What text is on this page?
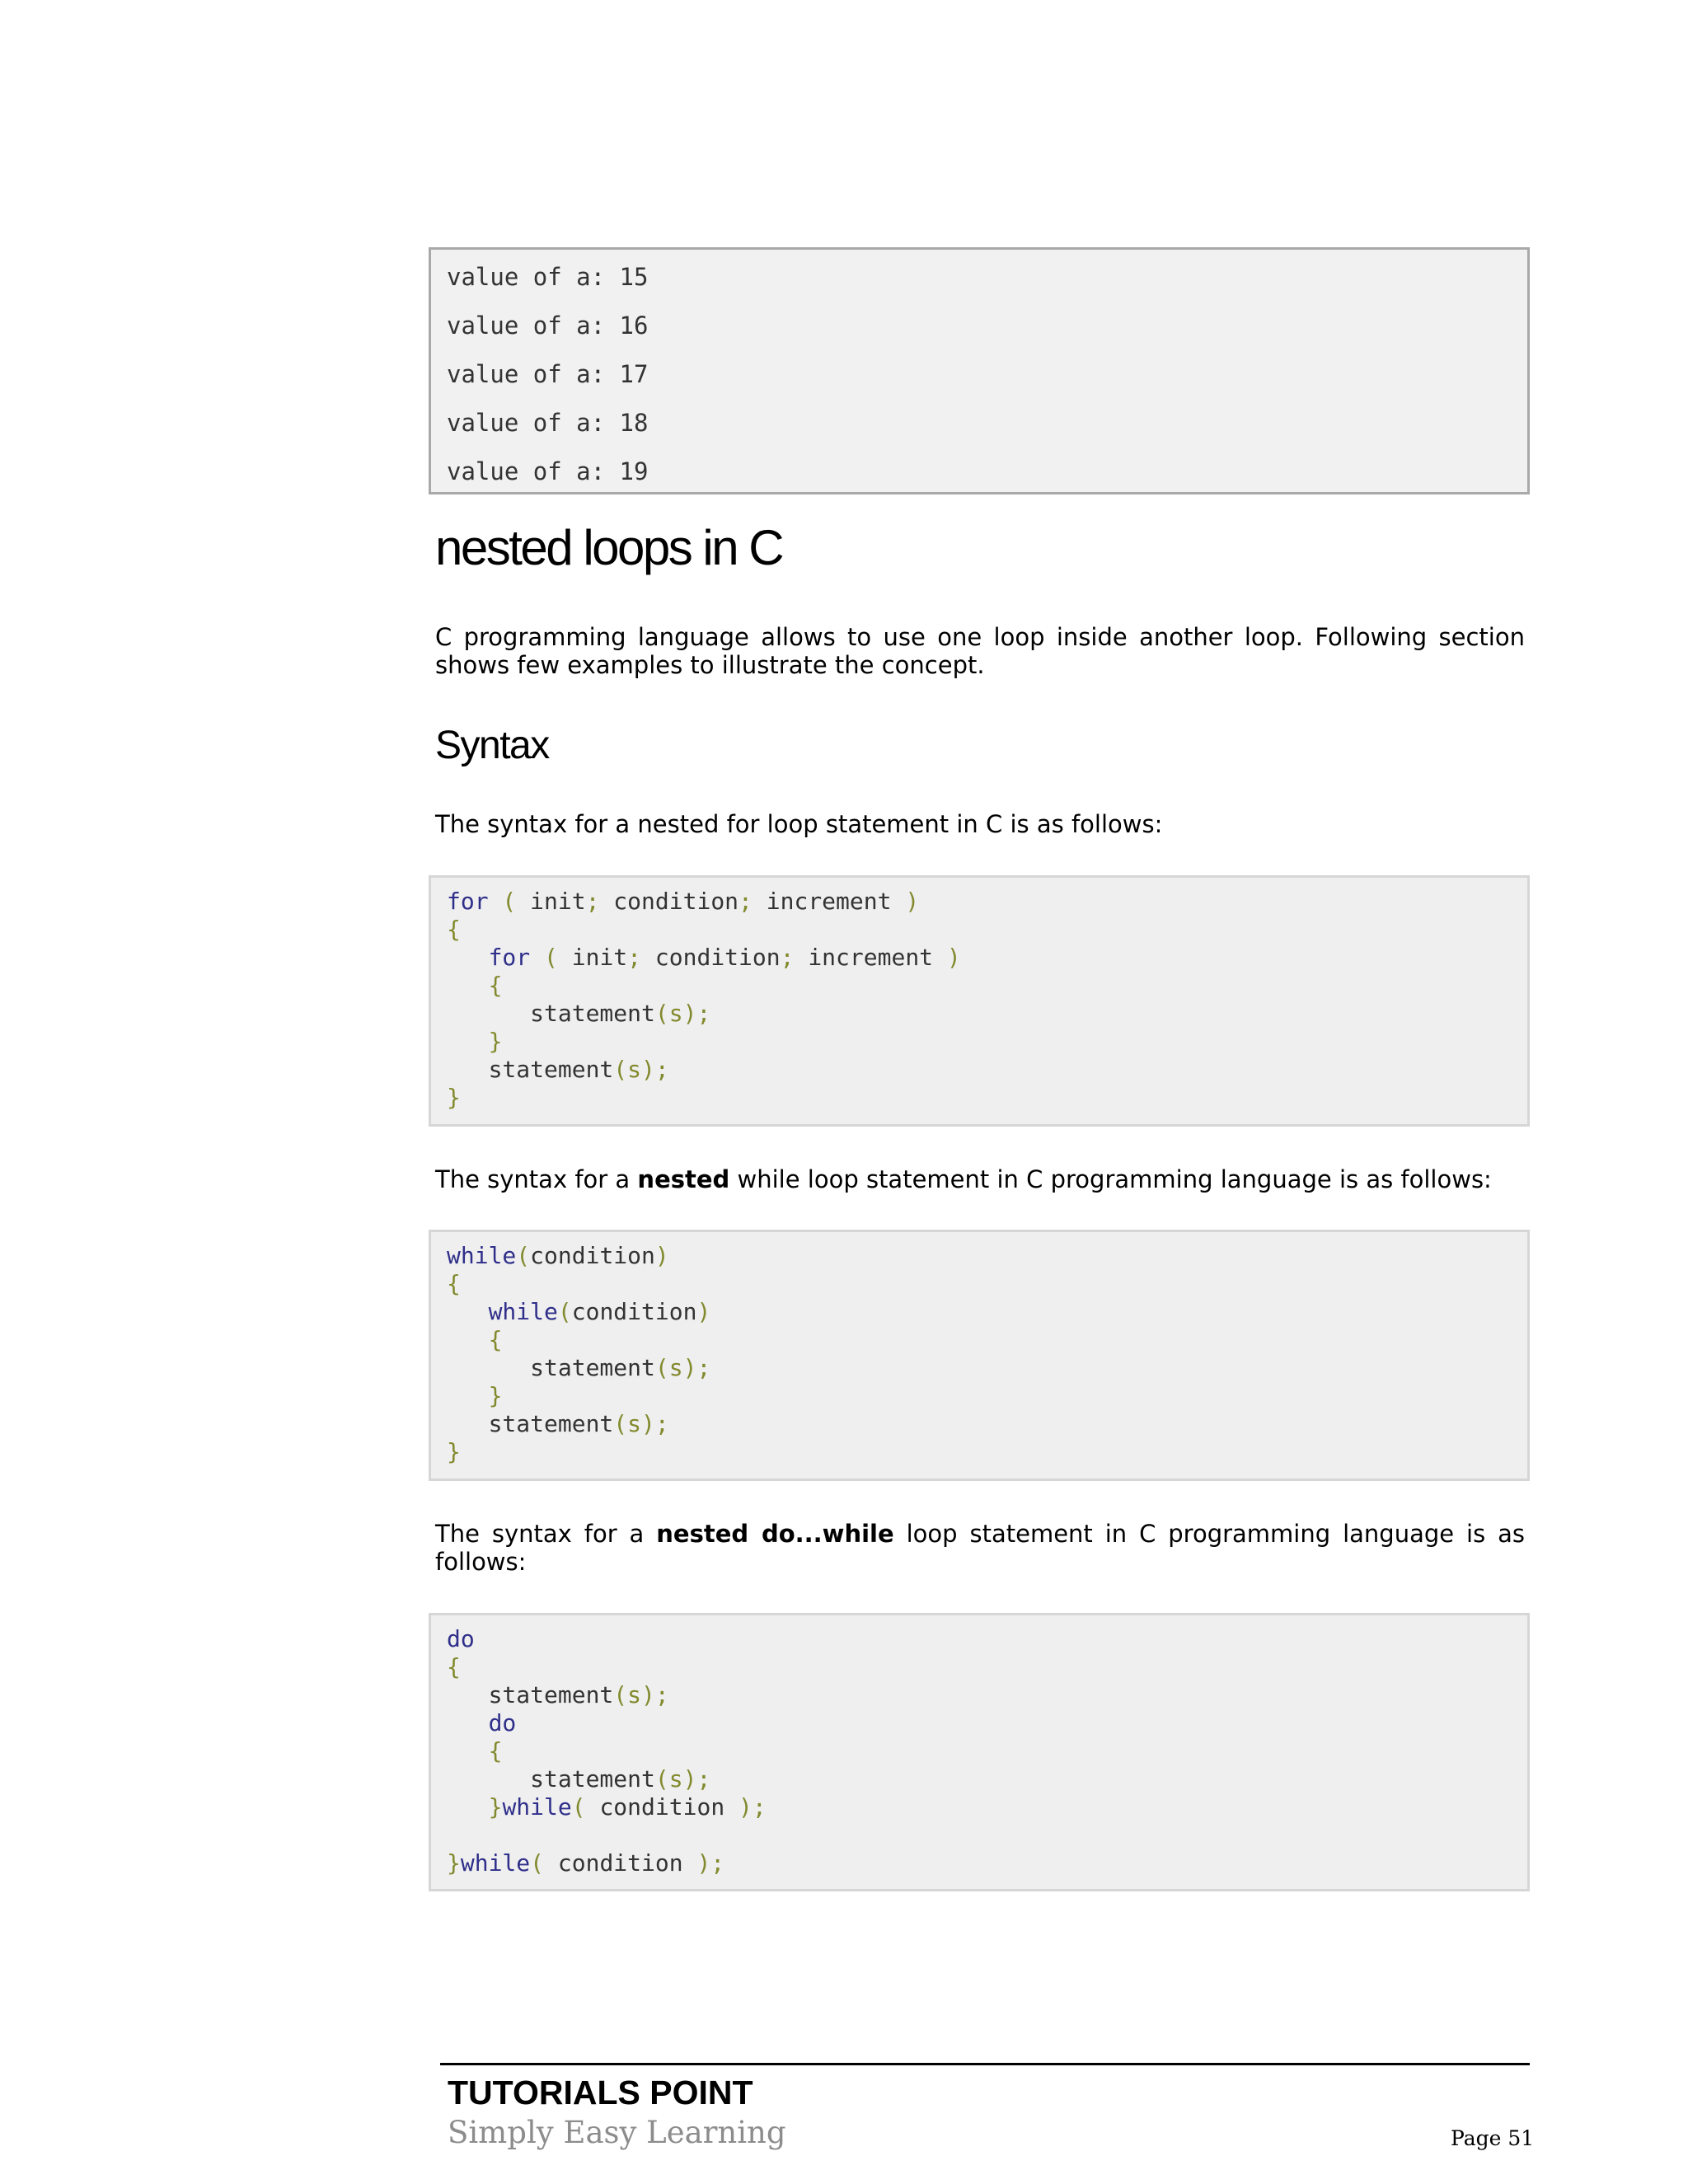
value of a: 15
value of a: 16
value of a: 17
value of a: 18
value of a: 19
nested loops in C

C programming language allows to use one loop inside another loop. Following section shows few examples to illustrate the concept.

Syntax

The syntax for a nested for loop statement in C is as follows:

for ( init; condition; increment )
{
for ( init; condition; increment )
{
statement(s);
}
statement(s);
}

The syntax for a nested while loop statement in C programming language is as follows:

while(condition)
{
while(condition)
{
statement(s);
}
statement(s);
}

The syntax for a nested do...while loop statement in C programming language is as follows:

do
{
statement(s);
do
{
statement(s);
}while( condition );
}while( condition );
TUTORIALS POINT
Simply Easy Learning	Page 51
